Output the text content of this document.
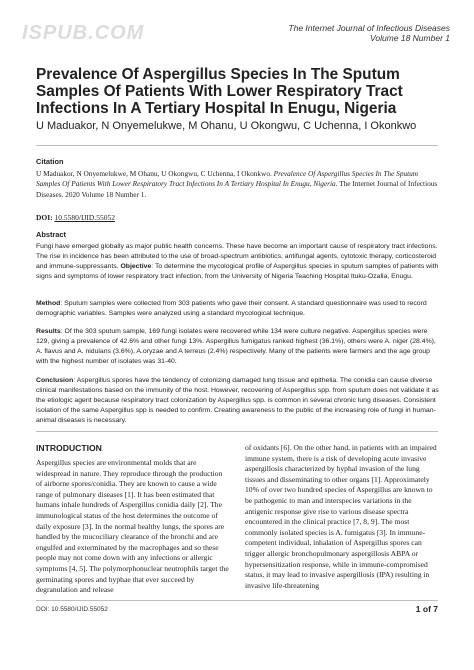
ISPUB.COM	The Internet Journal of Infectious Diseases
Volume 18 Number 1
Prevalence Of Aspergillus Species In The Sputum Samples Of Patients With Lower Respiratory Tract Infections In A Tertiary Hospital In Enugu, Nigeria
U Maduakor, N Onyemelukwe, M Ohanu, U Okongwu, C Uchenna, I Okonkwo
Citation
U Maduakor, N Onyemelukwe, M Ohanu, U Okongwu, C Uchenna, I Okonkwo. Prevalence Of Aspergillus Species In The Sputum Samples Of Patients With Lower Respiratory Tract Infections In A Tertiary Hospital In Enugu, Nigeria. The Internet Journal of Infectious Diseases. 2020 Volume 18 Number 1.
DOI: 10.5580/IJID.55052
Abstract
Fungi have emerged globally as major public health concerns. These have become an important cause of respiratory tract infections. The rise in incidence has been attributed to the use of broad-spectrum antibiotics, antifungal agents, cytotoxic therapy, corticosteroid and immune-suppressants. Objective: To determine the mycological profile of Aspergillus species in sputum samples of patients with signs and symptoms of lower respiratory tract infection, from the University of Nigeria Teaching Hospital Ituku-Ozalla, Enugu.
Method: Sputum samples were collected from 303 patients who gave their consent. A standard questionnaire was used to record demographic variables. Samples were analyzed using a standard mycological technique.
Results: Of the 303 sputum sample, 169 fungi isolates were recovered while 134 were culture negative. Aspergillus species were 129, giving a prevalence of 42.6% and other fungi 13%. Aspergillus fumigatus ranked highest (36.1%), others were A. niger (28.4%), A. flavus and A. nidulans (3.6%), A.oryzae and A terreus (2.4%) respectively. Many of the patients were farmers and the age group with the highest number of isolates was 31-40.
Conclusion: Aspergillus spores have the tendency of colonizing damaged lung tissue and epithelia. The conidia can cause diverse clinical manifestations based on the immunity of the host. However, recovering of Aspergillus spp. from sputum does not validate it as the etiologic agent because respiratory tract colonization by Aspergillus spp. is common in several chronic lung diseases. Consistent isolation of the same Aspergillus spp is needed to confirm. Creating awareness to the public of the increasing role of fungi in human-animal diseases is necessary.
INTRODUCTION
Aspergillus species are environmental molds that are widespread in nature. They reproduce through the production of airborne spores/conidia. They are known to cause a wide range of pulmonary diseases [1]. It has been estimated that humans inhale hundreds of Aspergillus conidia daily [2]. The immunological status of the host determines the outcome of daily exposure [3]. In the normal healthy lungs, the spores are handled by the mucociliary clearance of the bronchi and are engulfed and exterminated by the macrophages and so these people may not come down with any infections or allergic symptoms [4, 5]. The polymorphonuclear neutrophils target the germinating spores and hyphae that ever succeed by degranulation and release
of oxidants [6]. On the other hand, in patients with an impaired immune system, there is a risk of developing acute invasive aspergillosis characterized by hyphal invasion of the lung tissues and disseminating to other organs [1]. Approximately 10% of over two hundred species of Aspergillus are known to be pathogenic to man and interspecies variations in the antigenic response give rise to various disease spectra encountered in the clinical practice [7, 8, 9]. The most commonly isolated species is A. fumigatus [3]. In immune-competent individual, inhalation of Aspergillus spores can trigger allergic bronchopulmonary aspergillosis ABPA or hypersensitization response, while in immune-compromised status, it may lead to invasive aspergillosis (IPA) resulting in invasive life-threatening
DOI: 10.5580/IJID.55052	1 of 7
